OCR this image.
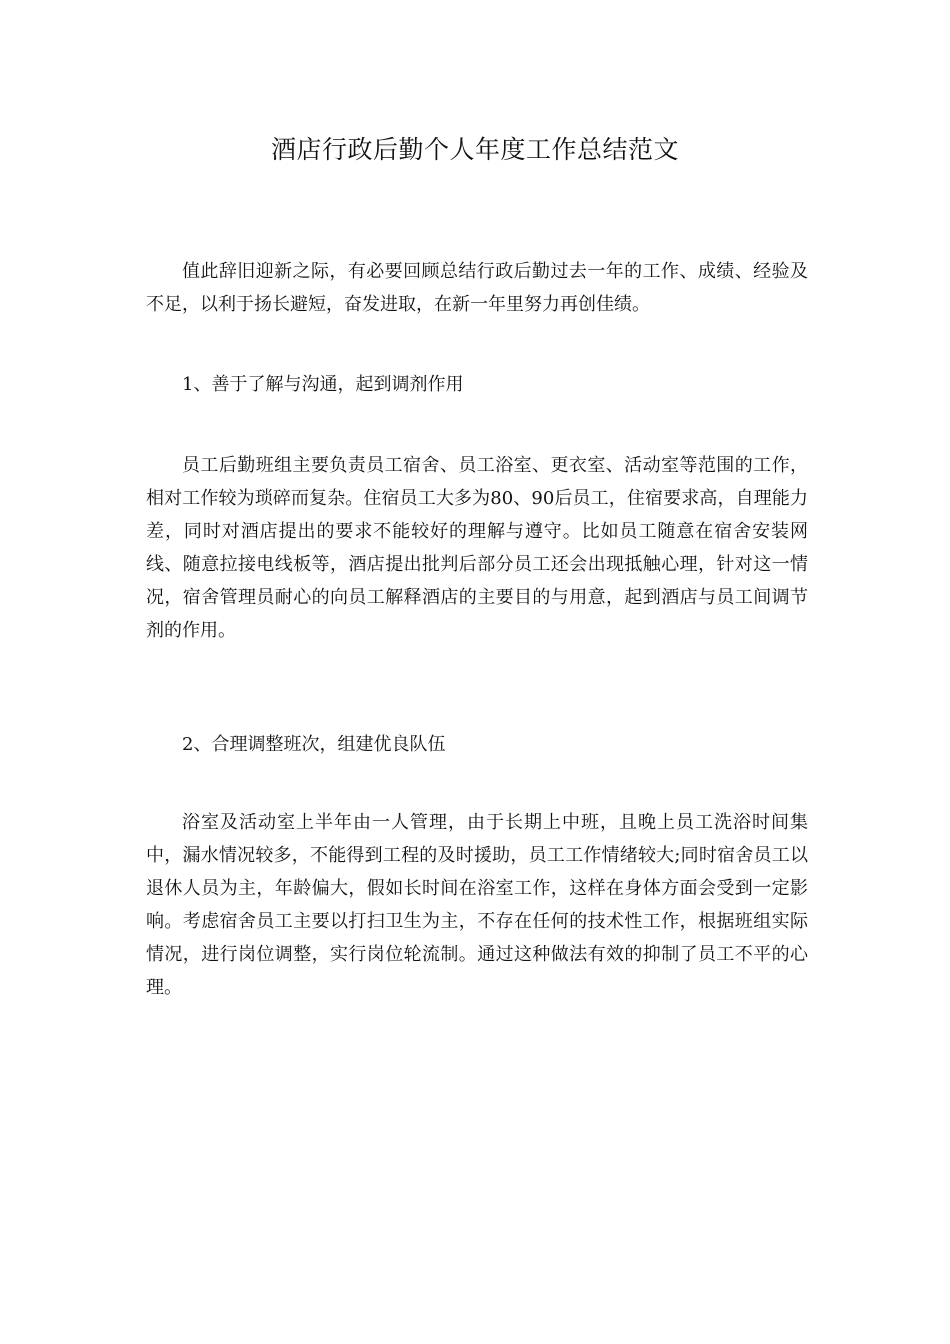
酒店行政后勤个人年度工作总结范文

值此辞旧迎新之际，有必要回顾总结行政后勤过去一年的工作、成绩、经验及不足，以利于扬长避短，奋发进取，在新一年里努力再创佳绩。

1、善于了解与沟通，起到调剂作用

员工后勤班组主要负责员工宿舍、员工浴室、更衣室、活动室等范围的工作，相对工作较为琐碎而复杂。住宿员工大多为80、90后员工，住宿要求高，自理能力差，同时对酒店提出的要求不能较好的理解与遵守。比如员工随意在宿舍安装网线、随意拉接电线板等，酒店提出批判后部分员工还会出现抵触心理，针对这一情况，宿舍管理员耐心的向员工解释酒店的主要目的与用意，起到酒店与员工间调节剂的作用。

2、合理调整班次，组建优良队伍

浴室及活动室上半年由一人管理，由于长期上中班，且晚上员工洗浴时间集中，漏水情况较多，不能得到工程的及时援助，员工工作情绪较大;同时宿舍员工以退休人员为主，年龄偏大，假如长时间在浴室工作，这样在身体方面会受到一定影响。考虑宿舍员工主要以打扫卫生为主，不存在任何的技术性工作，根据班组实际情况，进行岗位调整，实行岗位轮流制。通过这种做法有效的抑制了员工不平的心理。
